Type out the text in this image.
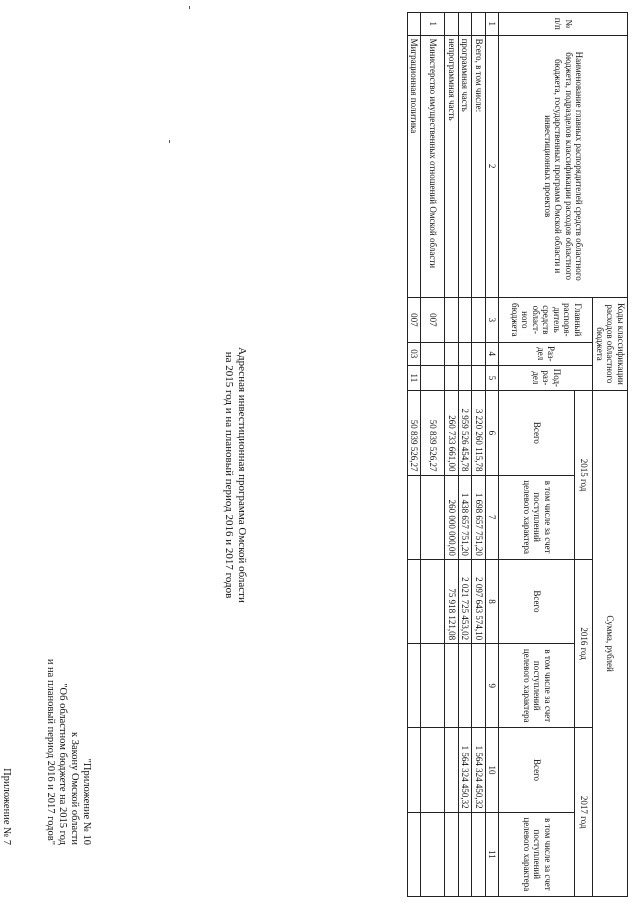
Приложение № 7	"Приложение № 10
к Закону Омской области
"Об областном бюджете на 2015 год
и на плановый период 2016 и 2017 годов"
Адресная инвестиционная программа Омской области
на 2015 год и на плановый период 2016 и 2017 годов
№ п/п	Наименование главных распорядителей средств областного бюджета, подразделов классификации расходов областного бюджета, государственных программ Омской области и инвестиционных проектов	Коды классификации расходов областного бюджета			Сумма, рублей					
		Главный распоря-дитель средств област-ного бюджета	Раз-дел	Под-раз-дел	2015 год		2016 год		2017 год	
					Всего	в том числе за счет поступлений целевого характера	Всего	в том числе за счет поступлений целевого характера	Всего	в том числе за счет поступлений целевого характера
1	2	3	4	5	6	7	8	9	10	11
	Всего, в том числе:				3 220 260 115,78	1 698 657 751,20	2 097 643 574,10		1 564 324 450,32	
	программная часть				2 959 526 454,78	1 438 657 751,20	2 021 725 453,02		1 564 324 450,32	
	непрограммная часть				260 733 661,00	260 000 000,00	75 918 121,08			
1	Министерство имущественных отношений Омской области	007			50 839 526,27					
	Миграционная политика	007	03	11	50 839 526,27					
